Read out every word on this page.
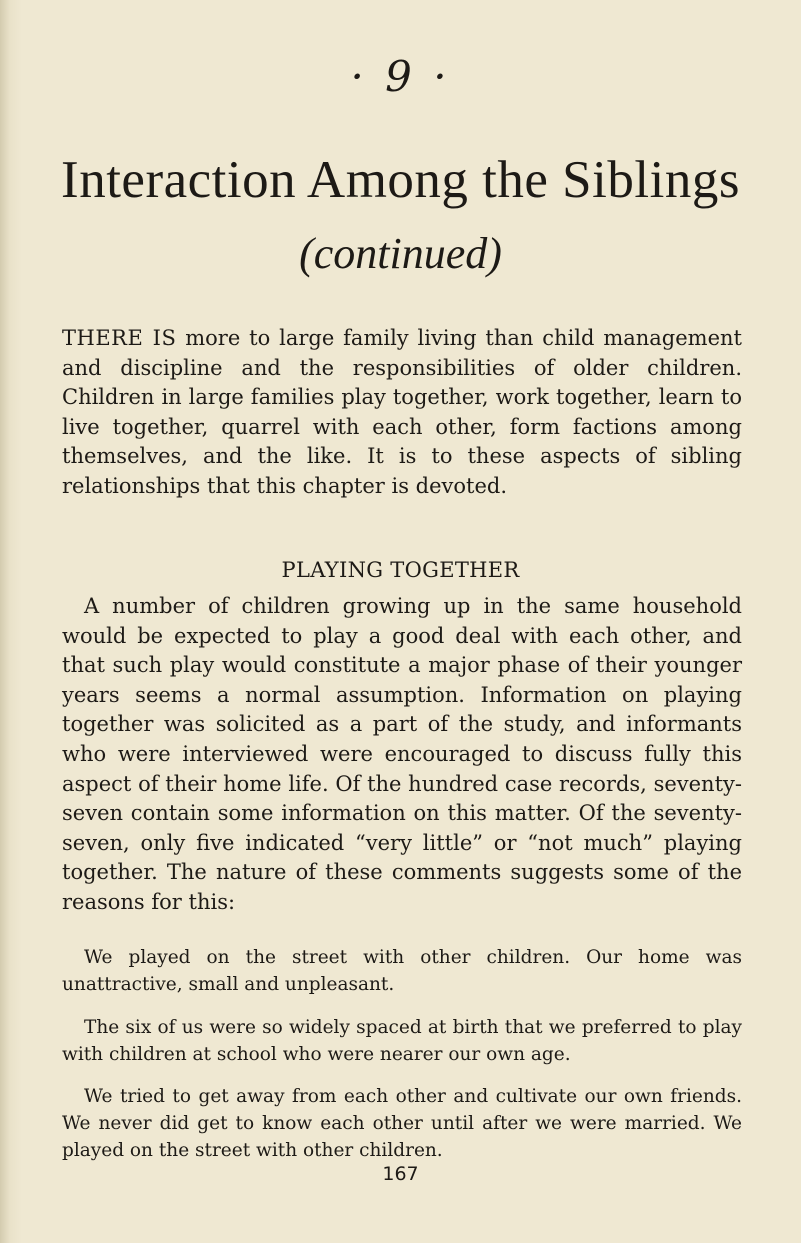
· 9 ·
Interaction Among the Siblings
(continued)

THERE IS more to large family living than child management and discipline and the responsibilities of older children. Children in large families play together, work together, learn to live together, quarrel with each other, form factions among themselves, and the like. It is to these aspects of sibling relationships that this chapter is devoted.

PLAYING TOGETHER

A number of children growing up in the same household would be expected to play a good deal with each other, and that such play would constitute a major phase of their younger years seems a normal assumption. Information on playing together was solicited as a part of the study, and informants who were interviewed were encouraged to discuss fully this aspect of their home life. Of the hundred case records, seventy-seven contain some information on this matter. Of the seventy-seven, only five indicated “very little” or “not much” playing together. The nature of these comments suggests some of the reasons for this:

We played on the street with other children. Our home was unattractive, small and unpleasant.

The six of us were so widely spaced at birth that we preferred to play with children at school who were nearer our own age.

We tried to get away from each other and cultivate our own friends. We never did get to know each other until after we were married. We played on the street with other children.

167
